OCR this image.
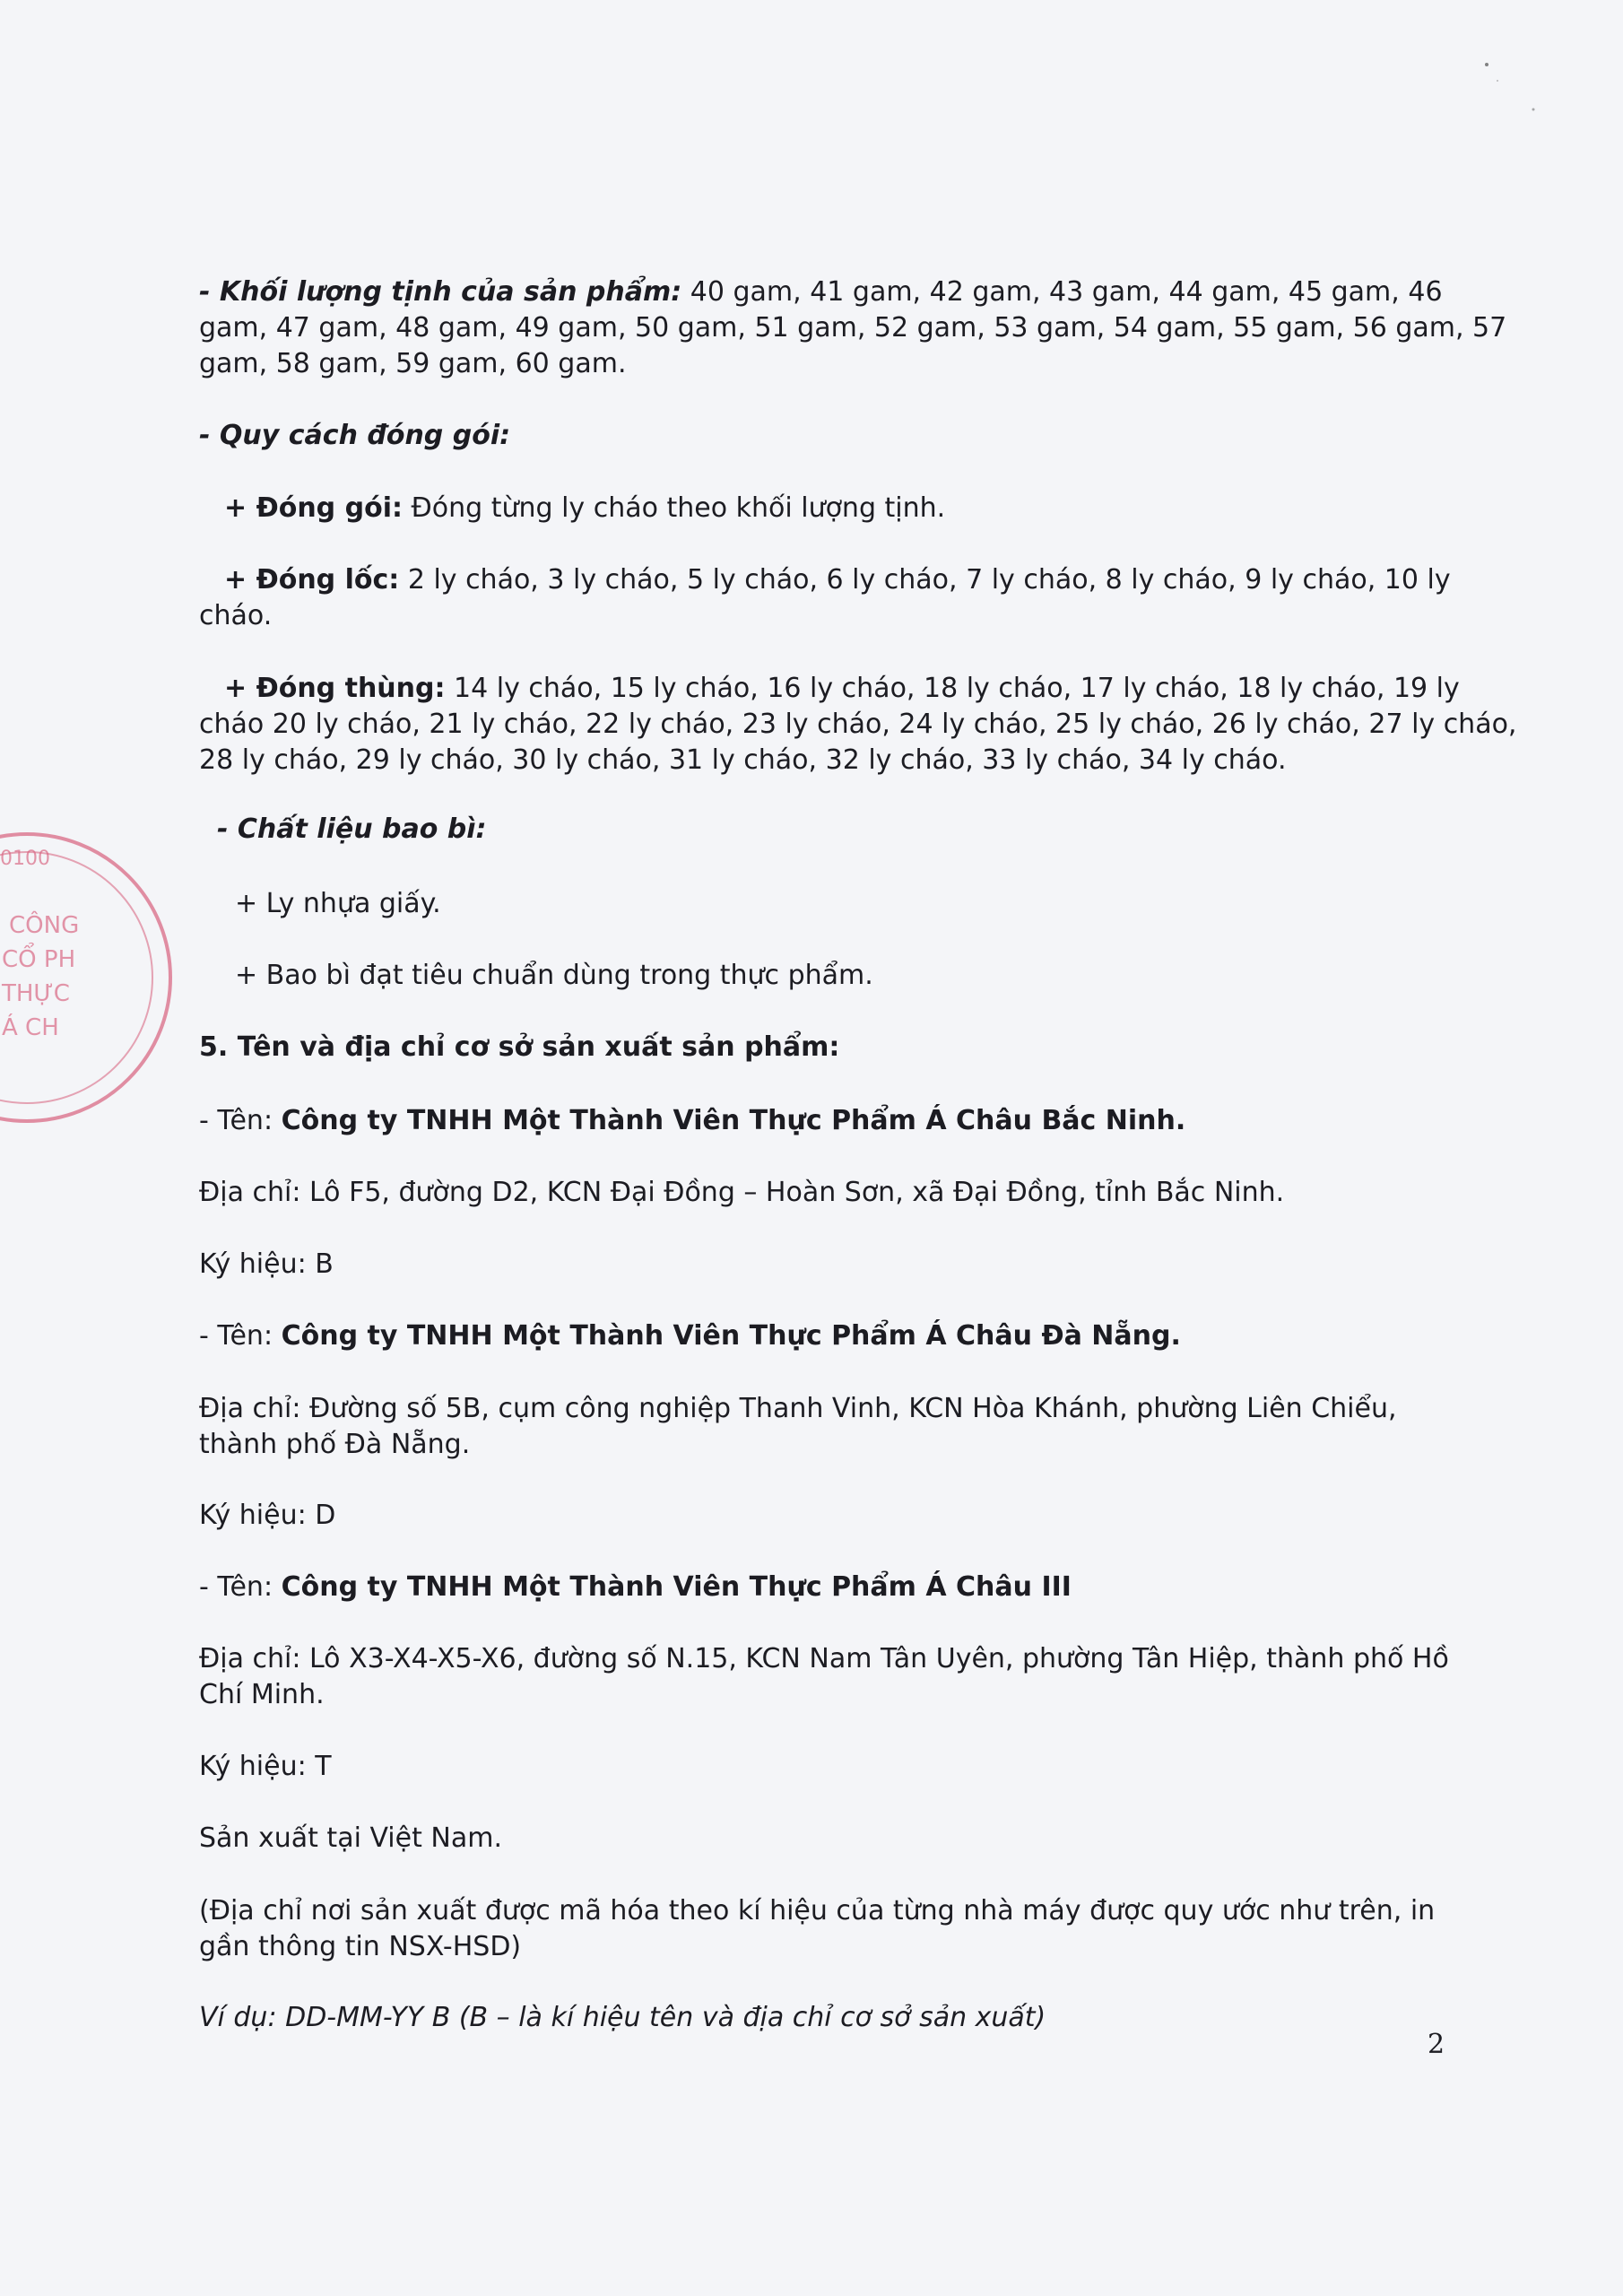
- Khối lượng tịnh của sản phẩm: 40 gam, 41 gam, 42 gam, 43 gam, 44 gam, 45 gam, 46
gam, 47 gam, 48 gam, 49 gam, 50 gam, 51 gam, 52 gam, 53 gam, 54 gam, 55 gam, 56 gam, 57
gam, 58 gam, 59 gam, 60 gam.
- Quy cách đóng gói:
+ Đóng gói: Đóng từng ly cháo theo khối lượng tịnh.
+ Đóng lốc: 2 ly cháo, 3 ly cháo, 5 ly cháo, 6 ly cháo, 7 ly cháo, 8 ly cháo, 9 ly cháo, 10 ly
cháo.
+ Đóng thùng: 14 ly cháo, 15 ly cháo, 16 ly cháo, 18 ly cháo, 17 ly cháo, 18 ly cháo, 19 ly
cháo 20 ly cháo, 21 ly cháo, 22 ly cháo, 23 ly cháo, 24 ly cháo, 25 ly cháo, 26 ly cháo, 27 ly cháo,
28 ly cháo, 29 ly cháo, 30 ly cháo, 31 ly cháo, 32 ly cháo, 33 ly cháo, 34 ly cháo.
- Chất liệu bao bì:
+ Ly nhựa giấy.
+ Bao bì đạt tiêu chuẩn dùng trong thực phẩm.
5. Tên và địa chỉ cơ sở sản xuất sản phẩm:
- Tên: Công ty TNHH Một Thành Viên Thực Phẩm Á Châu Bắc Ninh.
Địa chỉ: Lô F5, đường D2, KCN Đại Đồng – Hoàn Sơn, xã Đại Đồng, tỉnh Bắc Ninh.
Ký hiệu: B
- Tên: Công ty TNHH Một Thành Viên Thực Phẩm Á Châu Đà Nẵng.
Địa chỉ: Đường số 5B, cụm công nghiệp Thanh Vinh, KCN Hòa Khánh, phường Liên Chiểu,
thành phố Đà Nẵng.
Ký hiệu: D
- Tên: Công ty TNHH Một Thành Viên Thực Phẩm Á Châu III
Địa chỉ: Lô X3-X4-X5-X6, đường số N.15, KCN Nam Tân Uyên, phường Tân Hiệp, thành phố Hồ
Chí Minh.
Ký hiệu: T
Sản xuất tại Việt Nam.
(Địa chỉ nơi sản xuất được mã hóa theo kí hiệu của từng nhà máy được quy ước như trên, in
gần thông tin NSX-HSD)
Ví dụ: DD-MM-YY B (B – là kí hiệu tên và địa chỉ cơ sở sản xuất)
2
0100
CÔNG
CỔ PH
THỰC
Á CH
